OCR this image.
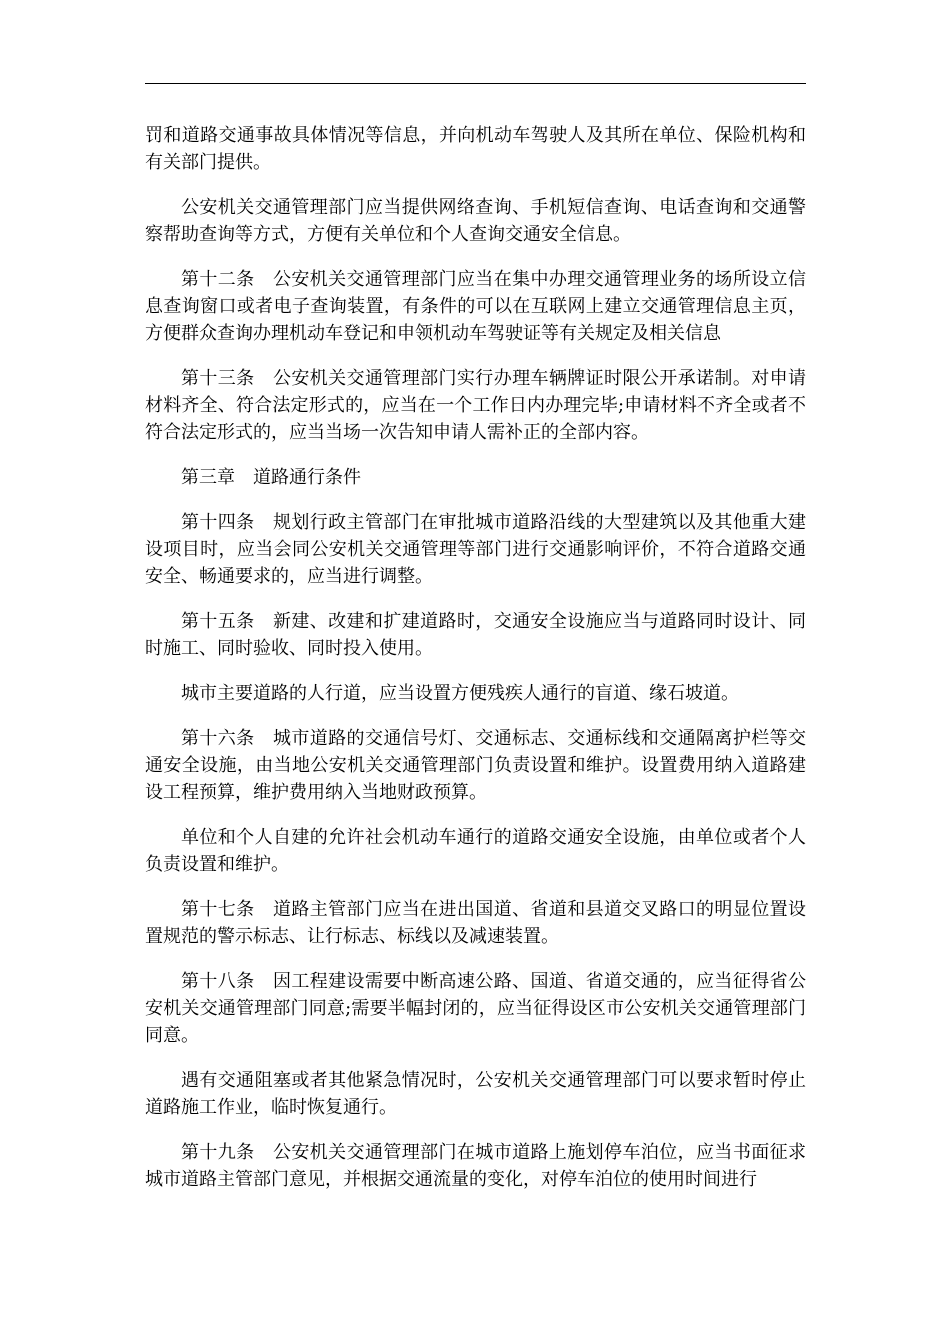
罚和道路交通事故具体情况等信息，并向机动车驾驶人及其所在单位、保险机构和有关部门提供。

公安机关交通管理部门应当提供网络查询、手机短信查询、电话查询和交通警察帮助查询等方式，方便有关单位和个人查询交通安全信息。

第十二条　公安机关交通管理部门应当在集中办理交通管理业务的场所设立信息查询窗口或者电子查询装置，有条件的可以在互联网上建立交通管理信息主页，方便群众查询办理机动车登记和申领机动车驾驶证等有关规定及相关信息

第十三条　公安机关交通管理部门实行办理车辆牌证时限公开承诺制。对申请材料齐全、符合法定形式的，应当在一个工作日内办理完毕;申请材料不齐全或者不符合法定形式的，应当当场一次告知申请人需补正的全部内容。

第三章　道路通行条件

第十四条　规划行政主管部门在审批城市道路沿线的大型建筑以及其他重大建设项目时，应当会同公安机关交通管理等部门进行交通影响评价，不符合道路交通安全、畅通要求的，应当进行调整。

第十五条　新建、改建和扩建道路时，交通安全设施应当与道路同时设计、同时施工、同时验收、同时投入使用。

城市主要道路的人行道，应当设置方便残疾人通行的盲道、缘石坡道。

第十六条　城市道路的交通信号灯、交通标志、交通标线和交通隔离护栏等交通安全设施，由当地公安机关交通管理部门负责设置和维护。设置费用纳入道路建设工程预算，维护费用纳入当地财政预算。

单位和个人自建的允许社会机动车通行的道路交通安全设施，由单位或者个人负责设置和维护。

第十七条　道路主管部门应当在进出国道、省道和县道交叉路口的明显位置设置规范的警示标志、让行标志、标线以及减速装置。

第十八条　因工程建设需要中断高速公路、国道、省道交通的，应当征得省公安机关交通管理部门同意;需要半幅封闭的，应当征得设区市公安机关交通管理部门同意。

遇有交通阻塞或者其他紧急情况时，公安机关交通管理部门可以要求暂时停止道路施工作业，临时恢复通行。

第十九条　公安机关交通管理部门在城市道路上施划停车泊位，应当书面征求城市道路主管部门意见，并根据交通流量的变化，对停车泊位的使用时间进行
